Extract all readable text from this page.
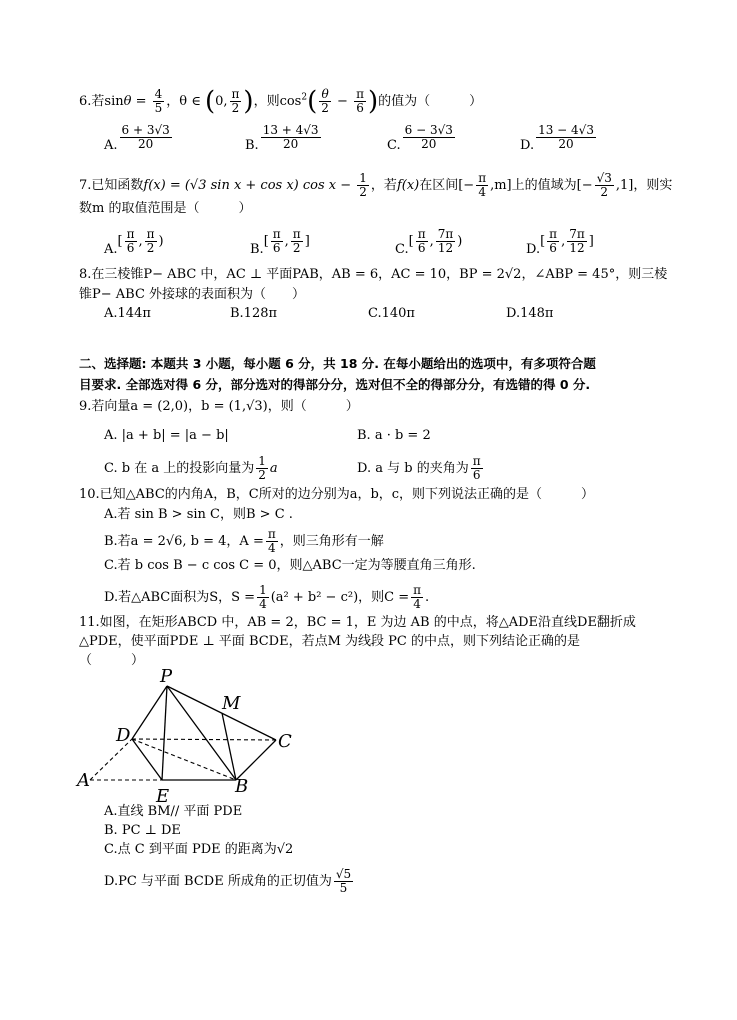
6.若$\sin\theta = \frac{4}{5}$ ，θ ∈ (0, $\frac{\pi}{2}$ )，则$\cos^2( \frac{\theta}{2} - \frac{\pi}{6}$ )的值为（　　　）
A. $\frac{6 + 3√3}{20}$	B. $\frac{13 + 4√3}{20}$	C. $\frac{6 - 3√3}{20}$	D. $\frac{13 - 4√3}{20}$
7.已知函数f(x) = (√3 sin x + cos x) $\cos x - \frac{1}{2}$ ，若f(x)在区间[− $\frac{\pi}{4} ,m$]上的值域为[− $\frac{√3}{2} ,1$]，则实
数m 的取值范围是（　　　）
$A.[ \frac{\pi}{6}$ , $\frac{\pi}{2}$ )
$B.[ \frac{\pi}{6}$ , $\frac{\pi}{2}$ ]
$C.[ \frac{\pi}{6}$ , $\frac{7\pi}{12}$ )
$D.[ \frac{\pi}{6}$ , $\frac{7\pi}{12}$ ]
8.在三棱锥P− ABC 中，AC ⊥ 平面PAB，AB = 6，AC = 10，BP = 2√2，∠ABP = 45°，则三棱
锥P− ABC 外接球的表面积为（　　）
A.144π	B.128π	C.140π	D.148π
二、选择题: 本题共 3 小题，每小题 6 分，共 18 分. 在每小题给出的选项中，有多项符合题
目要求. 全部选对得 6 分，部分选对的得部分分，选对但不全的得部分分，有选错的得 0 分.
9.若向量a = (2,0)，b = (1,√3)，则（　　　）
A. |a + b| = |a − b|	B. a · b = 2
C. b 在 a 上的投影向量为 $\frac{1}{2}$ a	D. a 与 b 的夹角为 $\frac{\pi}{6}$
10.已知△ABC的内角A，B，C所对的边分别为a，b，c，则下列说法正确的是（　　　）
A.若 sin B > sin C，则B > C .
B.若a = 2√6, b = 4，$A = \frac{\pi}{4}$ ，则三角形有一解
C.若 b cos B − c cos C = 0，则△ABC一定为等腰直角三角形.
D.若△ABC面积为S，$S = \frac{1}{4} (a^2 + b^2 - c^2)$，则$C = \frac{\pi}{4}$ .
11.如图，在矩形ABCD 中，AB = 2，BC = 1，E 为边 AB 的中点，将△ADE沿直线DE翻折成
△PDE，使平面PDE ⊥ 平面 BCDE，若点M 为线段 PC 的中点，则下列结论正确的是
（　　　）
P
M
D	C
A
E	B
A.直线 BM// 平面 PDE
B. PC ⊥ DE
C.点 C 到平面 PDE 的距离为√2
D.PC 与平面 BCDE 所成角的正切值为 $\frac{√5}{5}$
